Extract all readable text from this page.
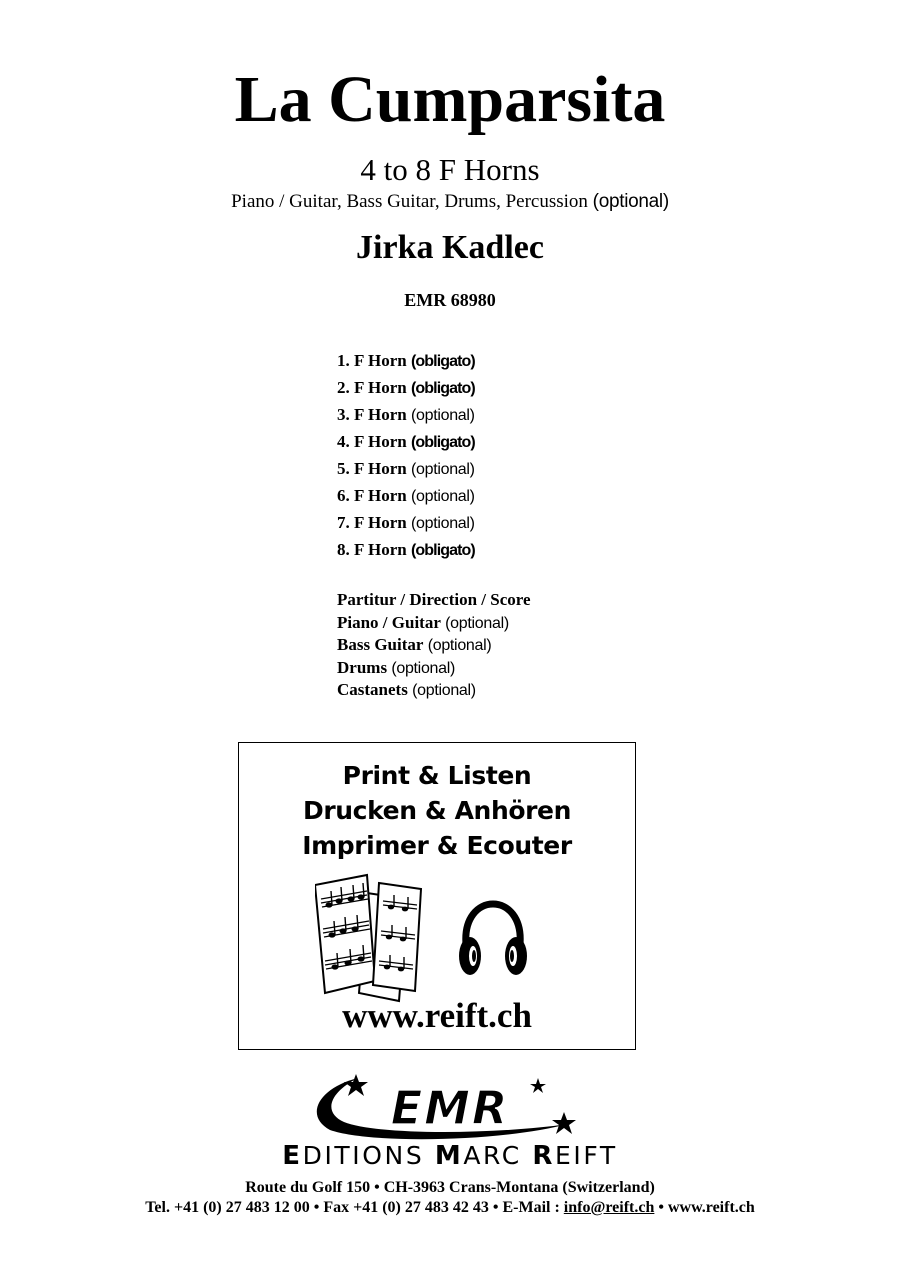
La Cumparsita
4 to 8 F Horns
Piano / Guitar, Bass Guitar, Drums, Percussion (optional)
Jirka Kadlec
EMR 68980
1. F Horn (obligato)
2. F Horn (obligato)
3. F Horn (optional)
4. F Horn (obligato)
5. F Horn (optional)
6. F Horn (optional)
7. F Horn (optional)
8. F Horn (obligato)
Partitur / Direction / Score
Piano / Guitar (optional)
Bass Guitar (optional)
Drums (optional)
Castanets (optional)
Print & Listen
Drucken & Anhören
Imprimer & Ecouter
www.reift.ch
EMR
EDITIONS MARC REIFT
Route du Golf 150 • CH-3963 Crans-Montana (Switzerland)
Tel. +41 (0) 27 483 12 00 • Fax +41 (0) 27 483 42 43 • E-Mail : info@reift.ch • www.reift.ch
